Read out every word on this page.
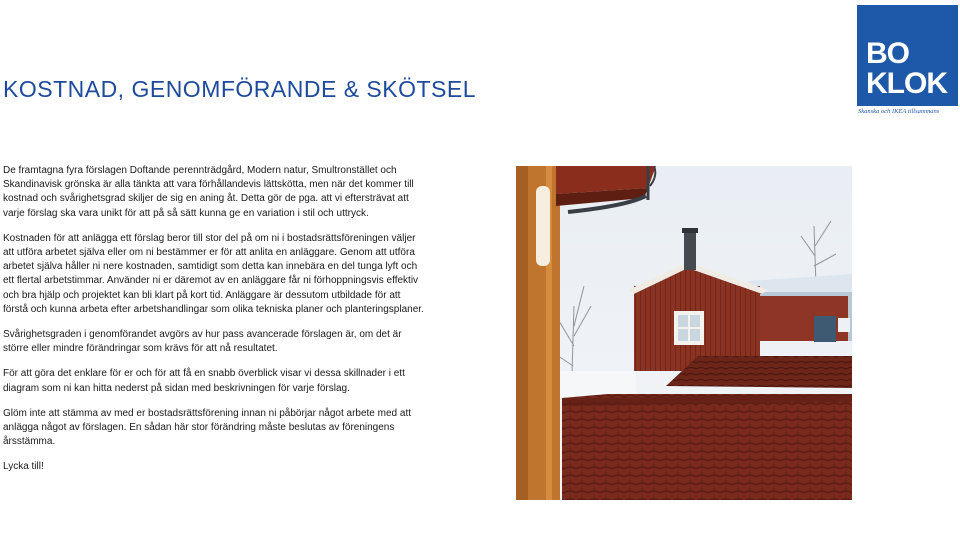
KOSTNAD, GENOMFÖRANDE & SKÖTSEL
BO
KLOK
Skanska och IKEA tillsammans

De framtagna fyra förslagen Doftande perennträdgård, Modern natur, Smultronstället och Skandinavisk grönska är alla tänkta att vara förhållandevis lättskötta, men när det kommer till kostnad och svårighetsgrad skiljer de sig en aning åt. Detta gör de pga. att vi eftersträvat att varje förslag ska vara unikt för att på så sätt kunna ge en variation i stil och uttryck.

Kostnaden för att anlägga ett förslag beror till stor del på om ni i bostadsrättsföreningen väljer att utföra arbetet själva eller om ni bestämmer er för att anlita en anläggare. Genom att utföra arbetet själva håller ni nere kostnaden, samtidigt som detta kan innebära en del tunga lyft och ett flertal arbetstimmar. Använder ni er däremot av en anläggare får ni förhoppningsvis effektiv och bra hjälp och projektet kan bli klart på kort tid. Anläggare är dessutom utbildade för att förstå och kunna arbeta efter arbetshandlingar som olika tekniska planer och planteringsplaner.

Svårighetsgraden i genomförandet avgörs av hur pass avancerade förslagen är, om det är större eller mindre förändringar som krävs för att nå resultatet.

För att göra det enklare för er och för att få en snabb överblick visar vi dessa skillnader i ett diagram som ni kan hitta nederst på sidan med beskrivningen för varje förslag.

Glöm inte att stämma av med er bostadsrättsförening innan ni påbörjar något arbete med att anlägga något av förslagen. En sådan här stor förändring måste beslutas av föreningens årsstämma.

Lycka till!
